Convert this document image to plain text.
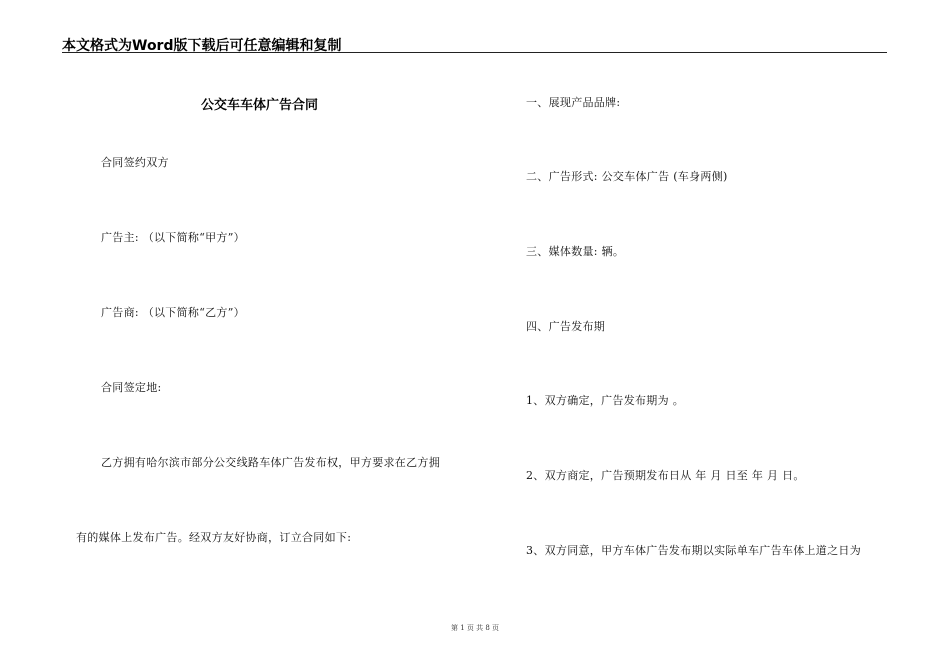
本文格式为Word版下载后可任意编辑和复制
公交车车体广告合同
合同签约双方
广告主: （以下简称“甲方”）
广告商: （以下简称“乙方”）
合同签定地:
乙方拥有哈尔滨市部分公交线路车体广告发布权，甲方要求在乙方拥
有的媒体上发布广告。经双方友好协商，订立合同如下:
一、展现产品品牌:
二、广告形式: 公交车体广告 (车身两侧)
三、媒体数量: 辆。
四、广告发布期
1、双方确定，广告发布期为 。
2、双方商定，广告预期发布日从 年 月 日至 年 月 日。
3、双方同意，甲方车体广告发布期以实际单车广告车体上道之日为
第 1 页 共 8 页
